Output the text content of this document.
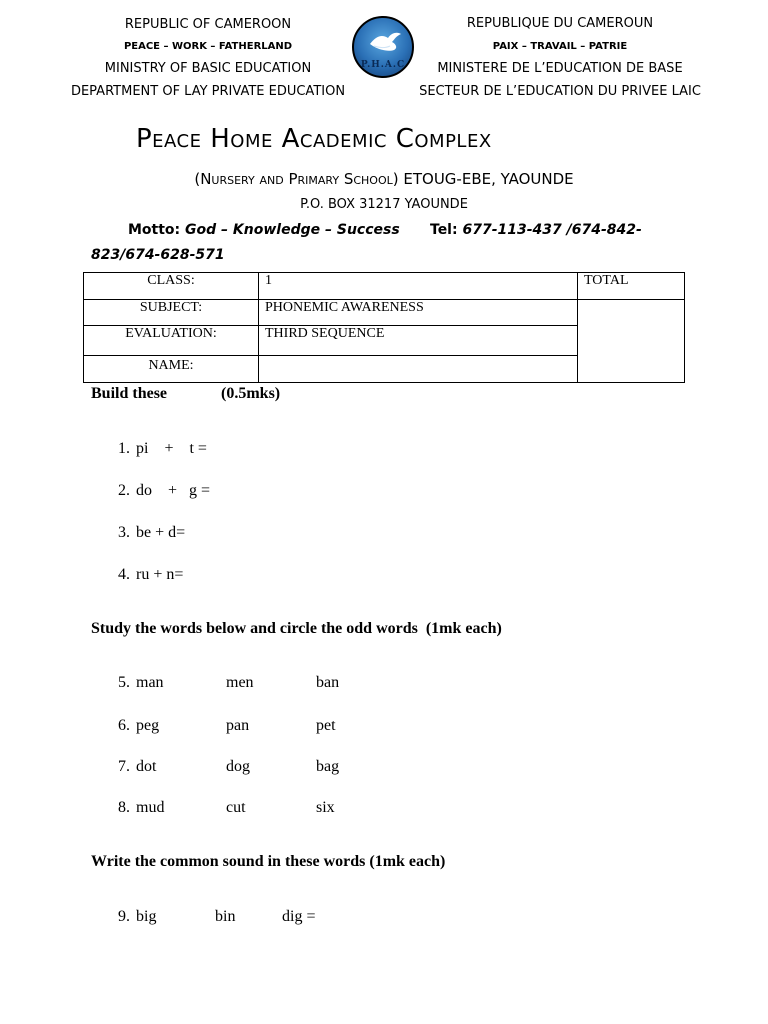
REPUBLIC OF CAMEROON
PEACE – WORK – FATHERLAND
MINISTRY OF BASIC EDUCATION
DEPARTMENT OF LAY PRIVATE EDUCATION
P.H.A.C
REPUBLIQUE DU CAMEROUN
PAIX – TRAVAIL – PATRIE
MINISTERE DE L’EDUCATION DE BASE
SECTEUR DE L’EDUCATION DU PRIVEE LAIC
Peace Home Academic Complex
(Nursery and Primary School) ETOUG-EBE, YAOUNDE
P.O. BOX 31217 YAOUNDE
Motto: God – Knowledge – Success Tel: 677-113-437 /674-842-
823/674-628-571
CLASS:	1	TOTAL
SUBJECT:	PHONEMIC AWARENESS	
EVALUATION:	THIRD SEQUENCE	
NAME:		
Build these	(0.5mks)
1. pi    +    t =
2. do    +   g =
3. be + d=
4. ru + n=
Study the words below and circle the odd words (1mk each)
5. man	men	ban
6. peg	pan	pet
7. dot	dog	bag
8. mud	cut	six
Write the common sound in these words (1mk each)
9. big	bin	dig =
